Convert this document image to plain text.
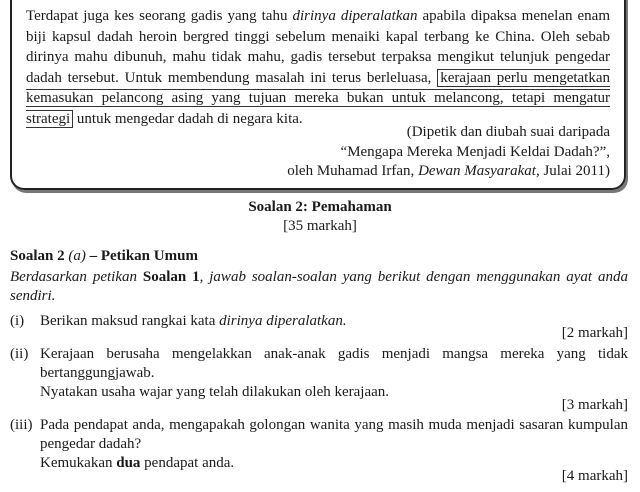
Terdapat juga kes seorang gadis yang tahu dirinya diperalatkan apabila dipaksa menelan enam biji kapsul dadah heroin bergred tinggi sebelum menaiki kapal terbang ke China. Oleh sebab dirinya mahu dibunuh, mahu tidak mahu, gadis tersebut terpaksa mengikut telunjuk pengedar dadah tersebut. Untuk membendung masalah ini terus berleluasa, kerajaan perlu mengetatkan kemasukan pelancong asing yang tujuan mereka bukan untuk melancong, tetapi mengatur strategi untuk mengedar dadah di negara kita.
(Dipetik dan diubah suai daripada
“Mengapa Mereka Menjadi Keldai Dadah?”,
oleh Muhamad Irfan, Dewan Masyarakat, Julai 2011)
Soalan 2: Pemahaman
[35 markah]
Soalan 2 (a) – Petikan Umum
Berdasarkan petikan Soalan 1, jawab soalan-soalan yang berikut dengan menggunakan ayat anda sendiri.
(i)	Berikan maksud rangkai kata dirinya diperalatkan.
[2 markah]
(ii) Kerajaan berusaha mengelakkan anak-anak gadis menjadi mangsa mereka yang tidak bertanggungjawab.
Nyatakan usaha wajar yang telah dilakukan oleh kerajaan.
[3 markah]
(iii) Pada pendapat anda, mengapakah golongan wanita yang masih muda menjadi sasaran kumpulan pengedar dadah?
Kemukakan dua pendapat anda.
[4 markah]
